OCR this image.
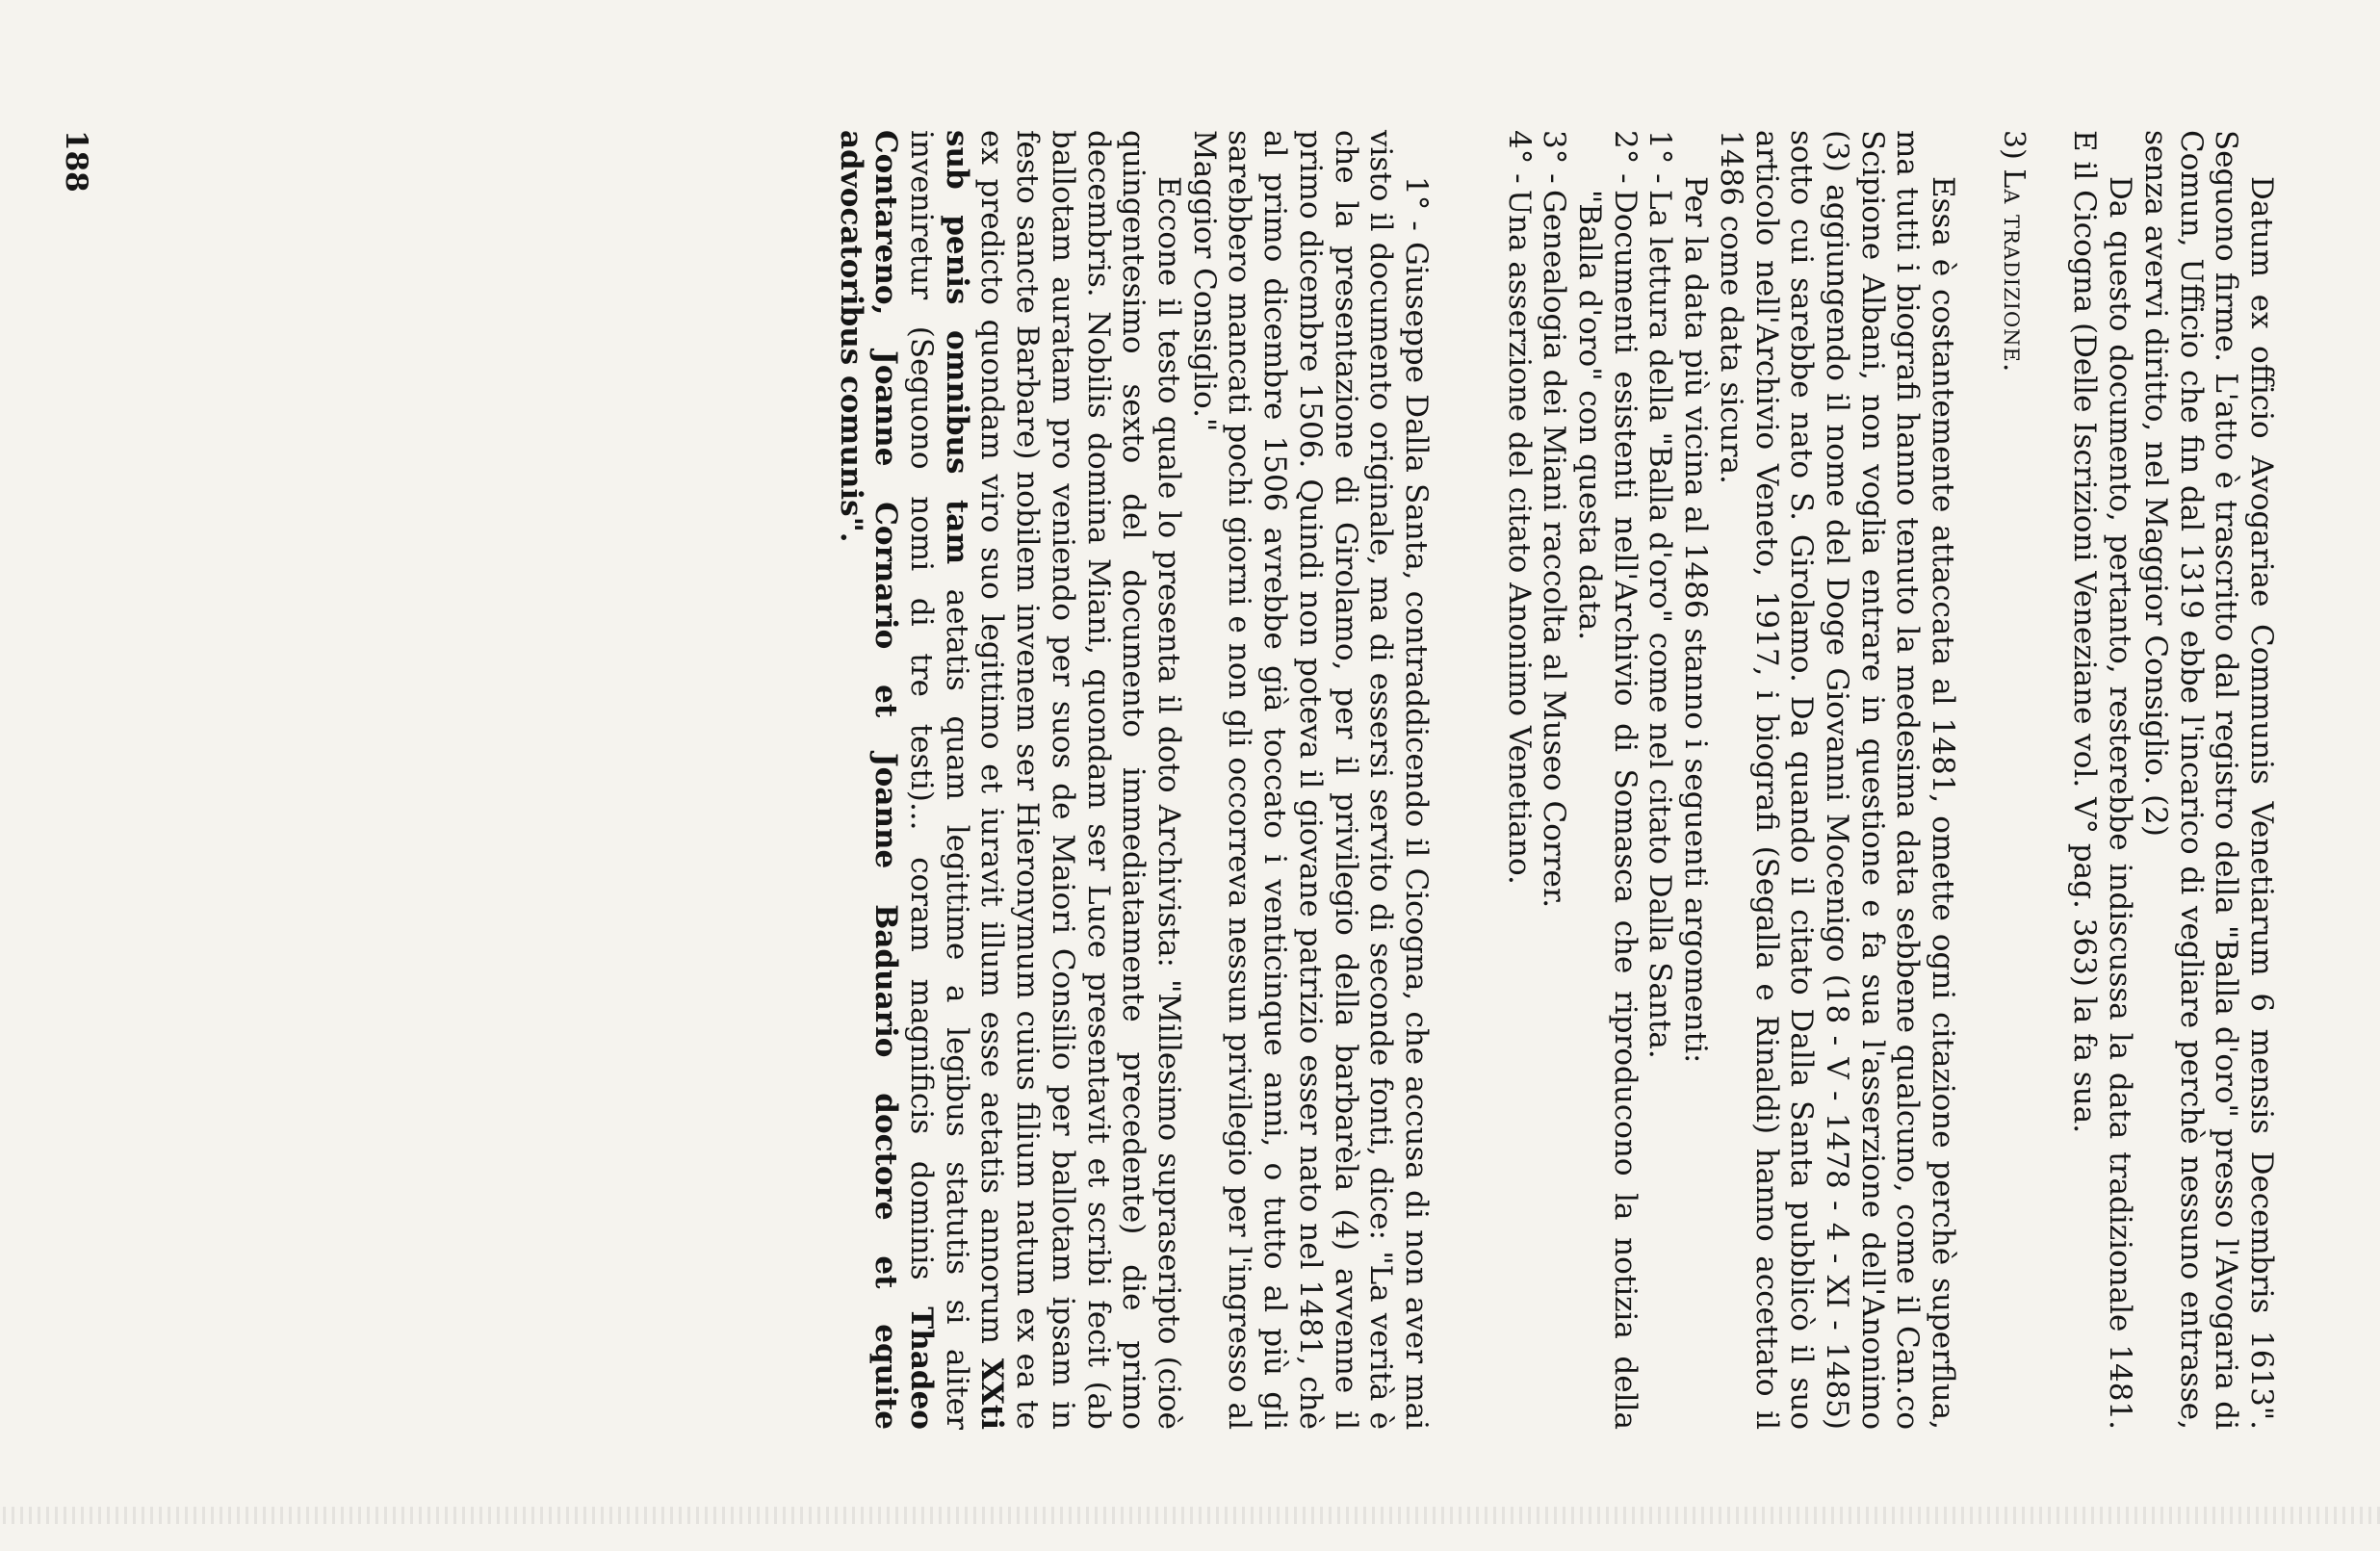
Datum ex officio Avogariae Communis Venetiarum 6 mensis Decembris 1613". Seguono firme. L'atto è trascritto dal registro della "Balla d'oro" presso l'Avogaria di Comun, Ufficio che fin dal 1319 ebbe l'incarico di vegliare perchè nessuno entrasse, senza avervi diritto, nel Maggior Consiglio. (2)

Da questo documento, pertanto, resterebbe indiscussa la data tradizionale 1481. E il Cicogna (Delle Iscrizioni Veneziane vol. V° pag. 363) la fa sua.

3) La tradizione.

Essa è costantemente attaccata al 1481, omette ogni citazione perchè superflua, ma tutti i biografi hanno tenuto la medesima data sebbene qualcuno, come il Can.co Scipione Albani, non voglia entrare in questione e fa sua l'asserzione dell'Anonimo (3) aggiungendo il nome del Doge Giovanni Mocenigo (18 - V - 1478 - 4 - XI - 1485) sotto cui sarebbe nato S. Girolamo. Da quando il citato Dalla Santa pubblicò il suo articolo nell'Archivio Veneto, 1917, i biografi (Segalla e Rinaldi) hanno accettato il 1486 come data sicura.

Per la data più vicina al 1486 stanno i seguenti argomenti:

1° -
La lettura della "Balla d'oro" come nel citato Dalla Santa.
2° -
Documenti esistenti nell'Archivio di Somasca che riproducono la notizia della "Balla d'oro" con questa data.
3° -
Genealogia dei Miani raccolta al Museo Correr.
4° -
Una asserzione del citato Anonimo Venetiano.

1° - Giuseppe Dalla Santa, contraddicendo il Cicogna, che accusa di non aver mai visto il documento originale, ma di essersi servito di seconde fonti, dice: "La verità è che la presentazione di Girolamo, per il privilegio della barbarèla (4) avvenne il primo dicembre 1506. Quindi non poteva il giovane patrizio esser nato nel 1481, chè al primo dicembre 1506 avrebbe già toccato i venticinque anni, o tutto al più gli sarebbero mancati pochi giorni e non gli occorreva nessun privilegio per l'ingresso al Maggior Consiglio."

Eccone il testo quale lo presenta il doto Archivista: "Millesimo supraseripto (cioè quingentesimo sexto del documento immediatamente precedente) die primo decembris. Nobilis domina Miani, quondam ser Luce presentavit et scribi fecit (ab ballotam auratam pro veniendo per suos de Maiori Consilio per ballotam ipsam in festo sancte Barbare) nobilem invenem ser Hieronymum cuius filium natum ex ea te ex predicto quondam viro suo legittimo et iuravit illum esse aetatis annorum XXti sub penis omnibus tam aetatis quam legittime a legibus statutis si aliter inveniretur (Seguono nomi di tre testi)... coram magnificis dominis Thadeo Contareno, Joanne Cornario et Joanne Baduario doctore et equite advocatoribus comunis".

188
